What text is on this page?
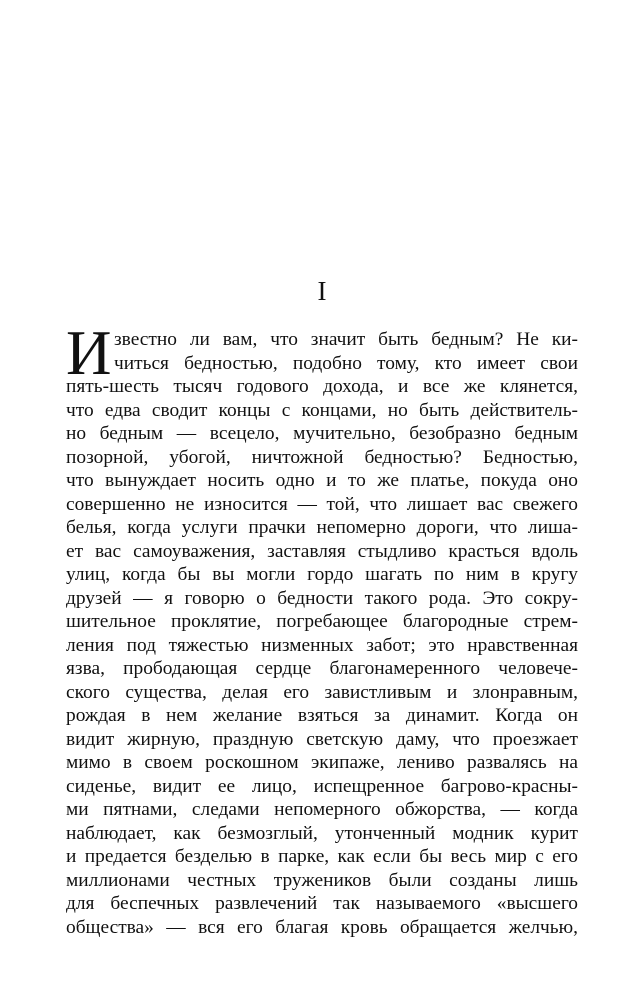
I
И звестно ли вам, что значит быть бедным? Не ки-
читься бедностью, подобно тому, кто имеет свои
пять-шесть тысяч годового дохода, и все же клянется,
что едва сводит концы с концами, но быть действитель-
но бедным — всецело, мучительно, безобразно бедным
позорной, убогой, ничтожной бедностью? Бедностью,
что вынуждает носить одно и то же платье, покуда оно
совершенно не износится — той, что лишает вас свежего
белья, когда услуги прачки непомерно дороги, что лиша-
ет вас самоуважения, заставляя стыдливо красться вдоль
улиц, когда бы вы могли гордо шагать по ним в кругу
друзей — я говорю о бедности такого рода. Это сокру-
шительное проклятие, погребающее благородные стрем-
ления под тяжестью низменных забот; это нравственная
язва, прободающая сердце благонамеренного человече-
ского существа, делая его завистливым и злонравным,
рождая в нем желание взяться за динамит. Когда он
видит жирную, праздную светскую даму, что проезжает
мимо в своем роскошном экипаже, лениво развалясь на
сиденье, видит ее лицо, испещренное багрово-красны-
ми пятнами, следами непомерного обжорства, — когда
наблюдает, как безмозглый, утонченный модник курит
и предается безделью в парке, как если бы весь мир с его
миллионами честных тружеников были созданы лишь
для беспечных развлечений так называемого «высшего
общества» — вся его благая кровь обращается желчью,
